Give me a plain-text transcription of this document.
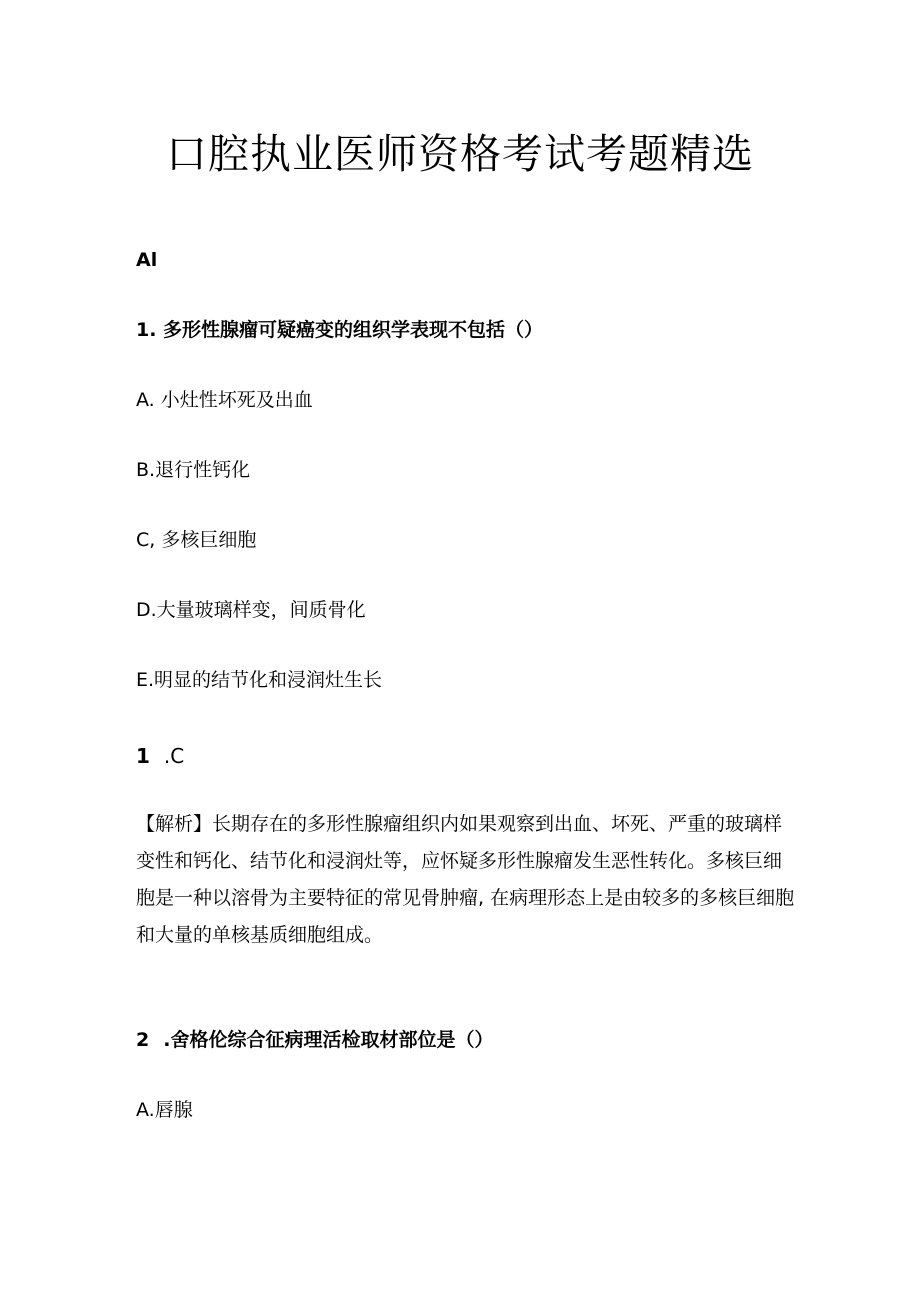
口腔执业医师资格考试考题精选

Al

1. 多形性腺瘤可疑癌变的组织学表现不包括（）

A. 小灶性坏死及出血

B.退行性钙化

C, 多核巨细胞

D.大量玻璃样变，间质骨化

E.明显的结节化和浸润灶生长

1 .C

【解析】长期存在的多形性腺瘤组织内如果观察到出血、坏死、严重的玻璃样变性和钙化、结节化和浸润灶等，应怀疑多形性腺瘤发生恶性转化。多核巨细胞是一种以溶骨为主要特征的常见骨肿瘤, 在病理形态上是由较多的多核巨细胞和大量的单核基质细胞组成。

2 .舍格伦综合征病理活检取材部位是（）

A.唇腺
